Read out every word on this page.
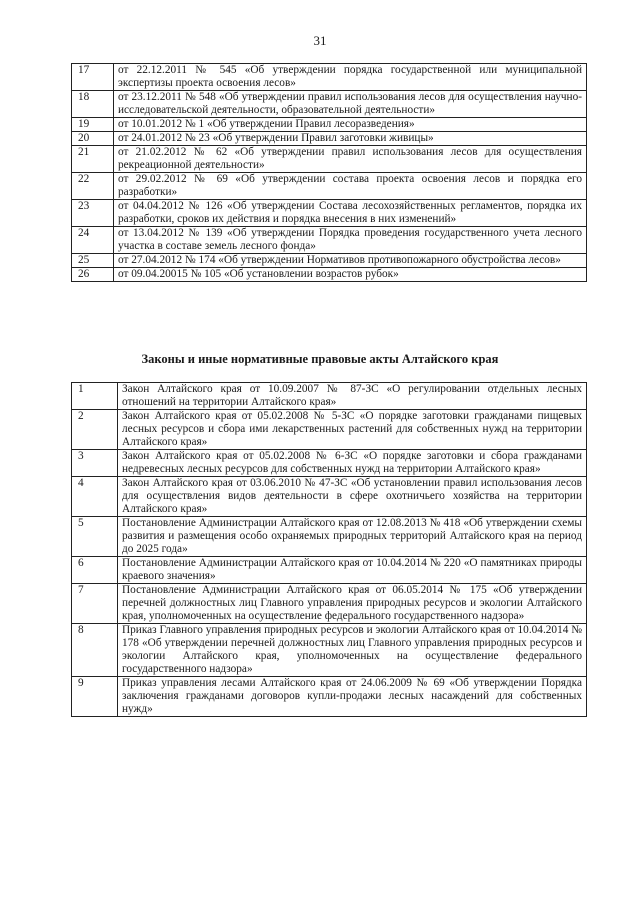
31
17	от 22.12.2011 № 545 «Об утверждении порядка государственной или муниципальной экспертизы проекта освоения лесов»
18	от 23.12.2011 № 548 «Об утверждении правил использования лесов для осуществления научно-исследовательской деятельности, образовательной деятельности»
19	от 10.01.2012 № 1 «Об утверждении Правил лесоразведения»
20	от 24.01.2012 № 23 «Об утверждении Правил заготовки живицы»
21	от 21.02.2012 № 62 «Об утверждении правил использования лесов для осуществления рекреационной деятельности»
22	от 29.02.2012 № 69 «Об утверждении состава проекта освоения лесов и порядка его разработки»
23	от 04.04.2012 № 126 «Об утверждении Состава лесохозяйственных регламентов, порядка их разработки, сроков их действия и порядка внесения в них изменений»
24	от 13.04.2012 № 139 «Об утверждении Порядка проведения государственного учета лесного участка в составе земель лесного фонда»
25	от 27.04.2012 № 174 «Об утверждении Нормативов противопожарного обустройства лесов»
26	от 09.04.20015 № 105 «Об установлении возрастов рубок»
Законы и иные нормативные правовые акты Алтайского края
1	Закон Алтайского края от 10.09.2007 № 87-ЗС «О регулировании отдельных лесных отношений на территории Алтайского края»
2	Закон Алтайского края от 05.02.2008 № 5-ЗС «О порядке заготовки гражданами пищевых лесных ресурсов и сбора ими лекарственных растений для собственных нужд на территории Алтайского края»
3	Закон Алтайского края от 05.02.2008 № 6-ЗС «О порядке заготовки и сбора гражданами недревесных лесных ресурсов для собственных нужд на территории Алтайского края»
4	Закон Алтайского края от 03.06.2010 № 47-ЗС «Об установлении правил использования лесов для осуществления видов деятельности в сфере охотничьего хозяйства на территории Алтайского края»
5	Постановление Администрации Алтайского края от 12.08.2013 № 418 «Об утверждении схемы развития и размещения особо охраняемых природных территорий Алтайского края на период до 2025 года»
6	Постановление Администрации Алтайского края от 10.04.2014 № 220 «О памятниках природы краевого значения»
7	Постановление Администрации Алтайского края от 06.05.2014 № 175 «Об утверждении перечней должностных лиц Главного управления природных ресурсов и экологии Алтайского края, уполномоченных на осуществление федерального государственного надзора»
8	Приказ Главного управления природных ресурсов и экологии Алтайского края от 10.04.2014 № 178 «Об утверждении перечней должностных лиц Главного управления природных ресурсов и экологии Алтайского края, уполномоченных на осуществление федерального государственного надзора»
9	Приказ управления лесами Алтайского края от 24.06.2009 № 69 «Об утверждении Порядка заключения гражданами договоров купли-продажи лесных насаждений для собственных нужд»
